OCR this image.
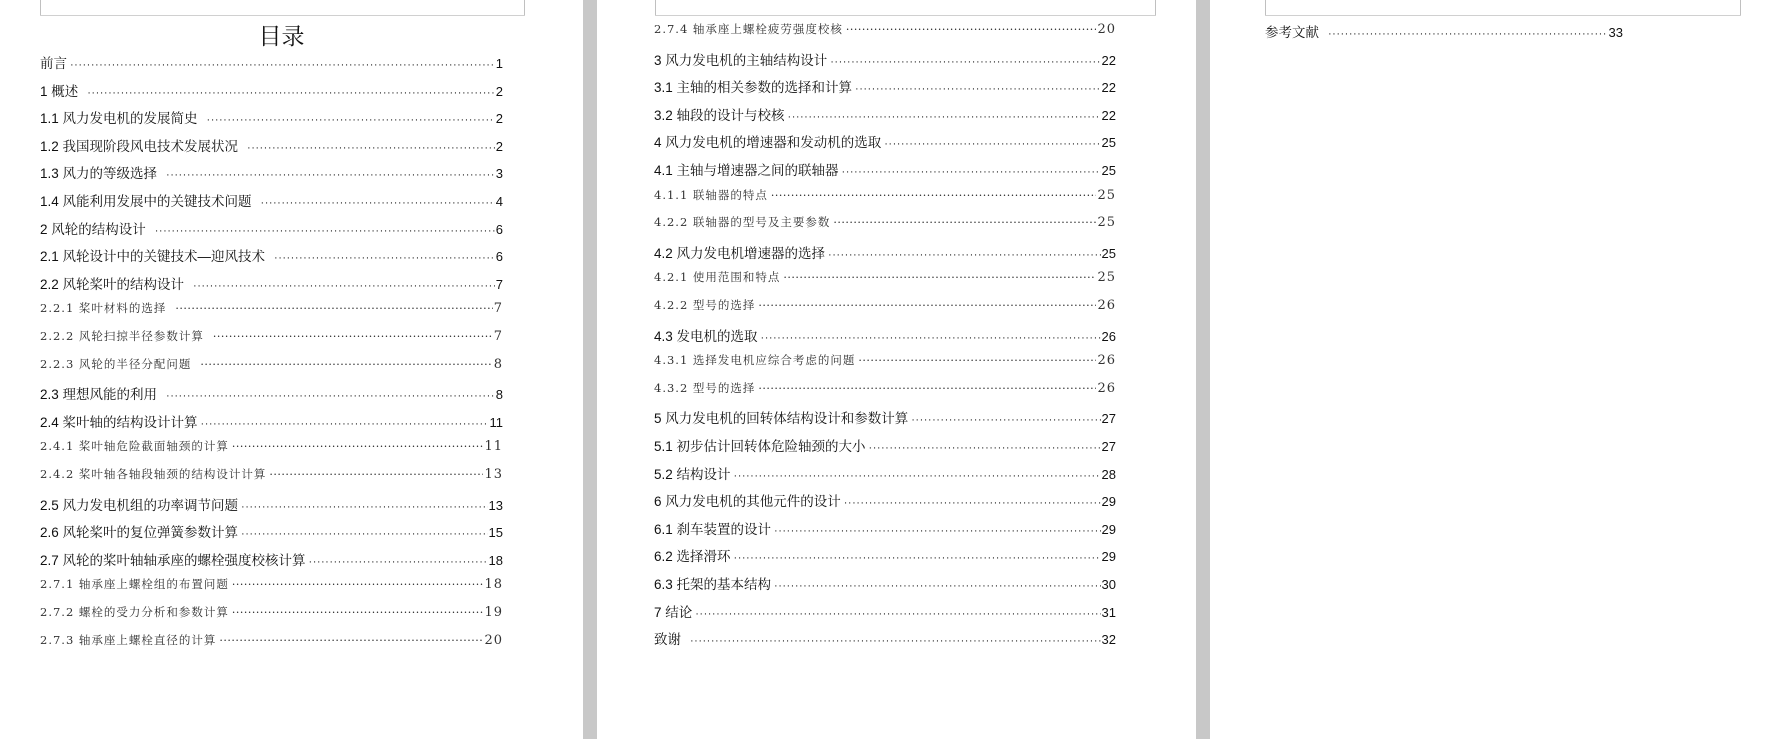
目录
前言 ·····	1
1 概述 ·····	2
1.1 风力发电机的发展简史 ·····	2
1.2 我国现阶段风电技术发展状况 ·····	2
1.3 风力的等级选择 ·····	3
1.4 风能利用发展中的关键技术问题 ·····	4
2 风轮的结构设计 ·····	6
2.1 风轮设计中的关键技术—迎风技术 ·····	6
2.2 风轮桨叶的结构设计 ·····	7
2.2.1 桨叶材料的选择 ·····	7
2.2.2 风轮扫掠半径参数计算 ·····	7
2.2.3 风轮的半径分配问题 ·····	8
2.3 理想风能的利用 ·····	8
2.4 桨叶轴的结构设计计算 ·····	11
2.4.1 桨叶轴危险截面轴颈的计算 ·····	11
2.4.2 桨叶轴各轴段轴颈的结构设计计算 ·····	13
2.5 风力发电机组的功率调节问题 ·····	13
2.6 风轮桨叶的复位弹簧参数计算 ·····	15
2.7 风轮的桨叶轴轴承座的螺栓强度校核计算 ·····	18
2.7.1 轴承座上螺栓组的布置问题 ·····	18
2.7.2 螺栓的受力分析和参数计算 ·····	19
2.7.3 轴承座上螺栓直径的计算 ·····	20
2.7.4 轴承座上螺栓疲劳强度校核 ·····	20
3 风力发电机的主轴结构设计 ·····	22
3.1 主轴的相关参数的选择和计算 ·····	22
3.2 轴段的设计与校核 ·····	22
4 风力发电机的增速器和发动机的选取 ·····	25
4.1 主轴与增速器之间的联轴器 ·····	25
4.1.1 联轴器的特点 ·····	25
4.2.2 联轴器的型号及主要参数 ·····	25
4.2 风力发电机增速器的选择 ·····	25
4.2.1 使用范围和特点 ·····	25
4.2.2 型号的选择 ·····	26
4.3 发电机的选取 ·····	26
4.3.1 选择发电机应综合考虑的问题 ·····	26
4.3.2 型号的选择 ·····	26
5 风力发电机的回转体结构设计和参数计算 ·····	27
5.1 初步估计回转体危险轴颈的大小 ·····	27
5.2 结构设计 ·····	28
6 风力发电机的其他元件的设计 ·····	29
6.1 刹车装置的设计 ·····	29
6.2 选择滑环 ·····	29
6.3 托架的基本结构 ·····	30
7 结论 ·····	31
致谢 ·····	32
参考文献 ·····	33
